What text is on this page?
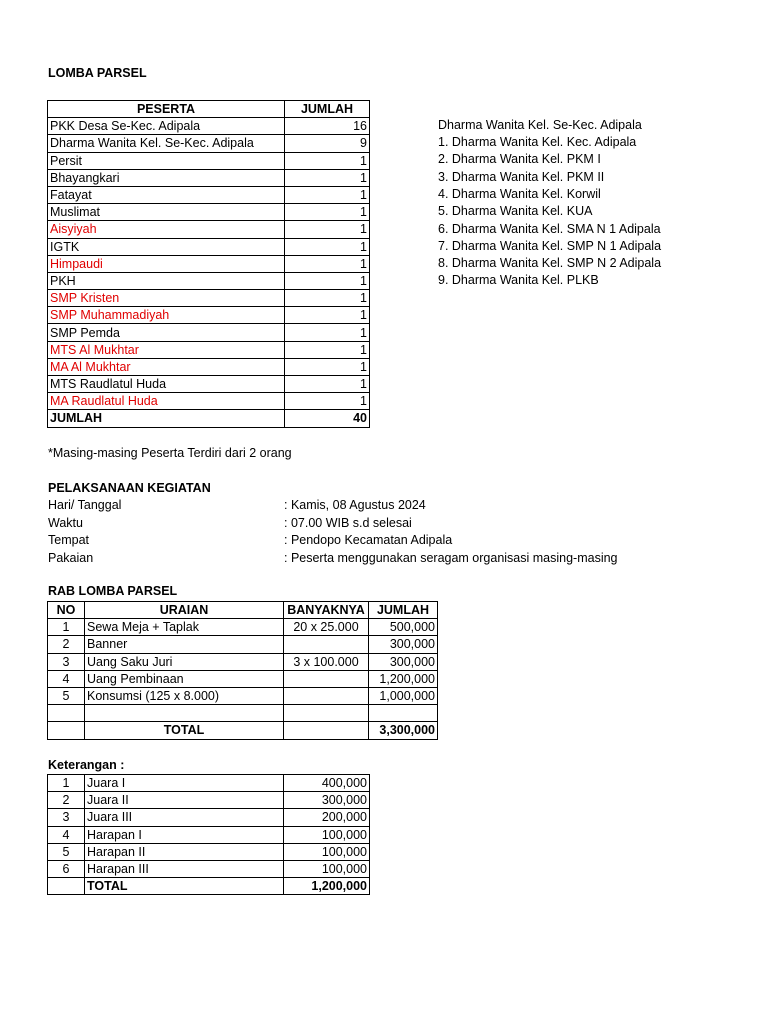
LOMBA PARSEL
PESERTA	JUMLAH
PKK Desa Se-Kec. Adipala	16
Dharma Wanita Kel. Se-Kec. Adipala	9
Persit	1
Bhayangkari	1
Fatayat	1
Muslimat	1
Aisyiyah	1
IGTK	1
Himpaudi	1
PKH	1
SMP Kristen	1
SMP Muhammadiyah	1
SMP Pemda	1
MTS Al Mukhtar	1
MA Al Mukhtar	1
MTS Raudlatul Huda	1
MA Raudlatul Huda	1
JUMLAH	40
Dharma Wanita Kel. Se-Kec. Adipala
1. Dharma Wanita Kel. Kec. Adipala
2. Dharma Wanita Kel. PKM I
3. Dharma Wanita Kel. PKM II
4. Dharma Wanita Kel. Korwil
5. Dharma Wanita Kel. KUA
6. Dharma Wanita Kel. SMA N 1 Adipala
7. Dharma Wanita Kel. SMP N 1 Adipala
8. Dharma Wanita Kel. SMP N 2 Adipala
9. Dharma Wanita Kel. PLKB
*Masing-masing Peserta Terdiri dari 2 orang
PELAKSANAAN KEGIATAN
Hari/ Tanggal	: Kamis, 08 Agustus 2024
Waktu	: 07.00 WIB s.d selesai
Tempat	: Pendopo Kecamatan Adipala
Pakaian	: Peserta menggunakan seragam organisasi masing-masing
RAB LOMBA PARSEL
NO	URAIAN	BANYAKNYA	JUMLAH
1	Sewa Meja + Taplak	20 x 25.000	500,000
2	Banner		300,000
3	Uang Saku Juri	3 x 100.000	300,000
4	Uang Pembinaan		1,200,000
5	Konsumsi (125 x 8.000)		1,000,000

	TOTAL		3,300,000
Keterangan :
1	Juara I	400,000
2	Juara II	300,000
3	Juara III	200,000
4	Harapan I	100,000
5	Harapan II	100,000
6	Harapan III	100,000
	TOTAL	1,200,000
